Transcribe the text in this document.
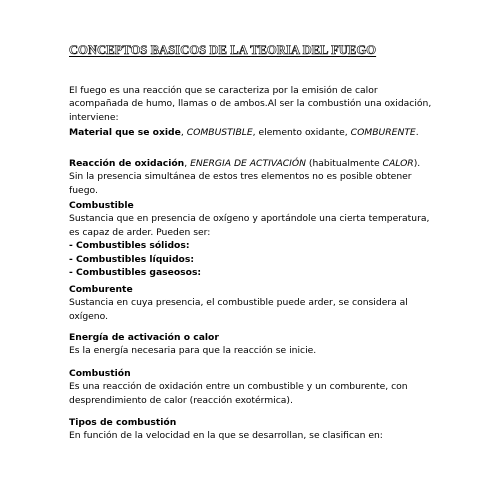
CONCEPTOS BASICOS DE LA TEORIA DEL FUEGO

El fuego es una reacción que se caracteriza por la emisión de calor acompañada de humo, llamas o de ambos.Al ser la combustión una oxidación, interviene:

Material que se oxide, COMBUSTIBLE, elemento oxidante, COMBURENTE.

Reacción de oxidación, ENERGIA DE ACTIVACIÓN (habitualmente CALOR).

Sin la presencia simultánea de estos tres elementos no es posible obtener fuego.

Combustible

Sustancia que en presencia de oxígeno y aportándole una cierta temperatura, es capaz de arder. Pueden ser:

- Combustibles sólidos:

- Combustibles líquidos:

- Combustibles gaseosos:

Comburente

Sustancia en cuya presencia, el combustible puede arder, se considera al oxígeno.

Energía de activación o calor

Es la energía necesaria para que la reacción se inicie.

Combustión

Es una reacción de oxidación entre un combustible y un comburente, con desprendimiento de calor (reacción exotérmica).

Tipos de combustión

En función de la velocidad en la que se desarrollan, se clasifican en:
